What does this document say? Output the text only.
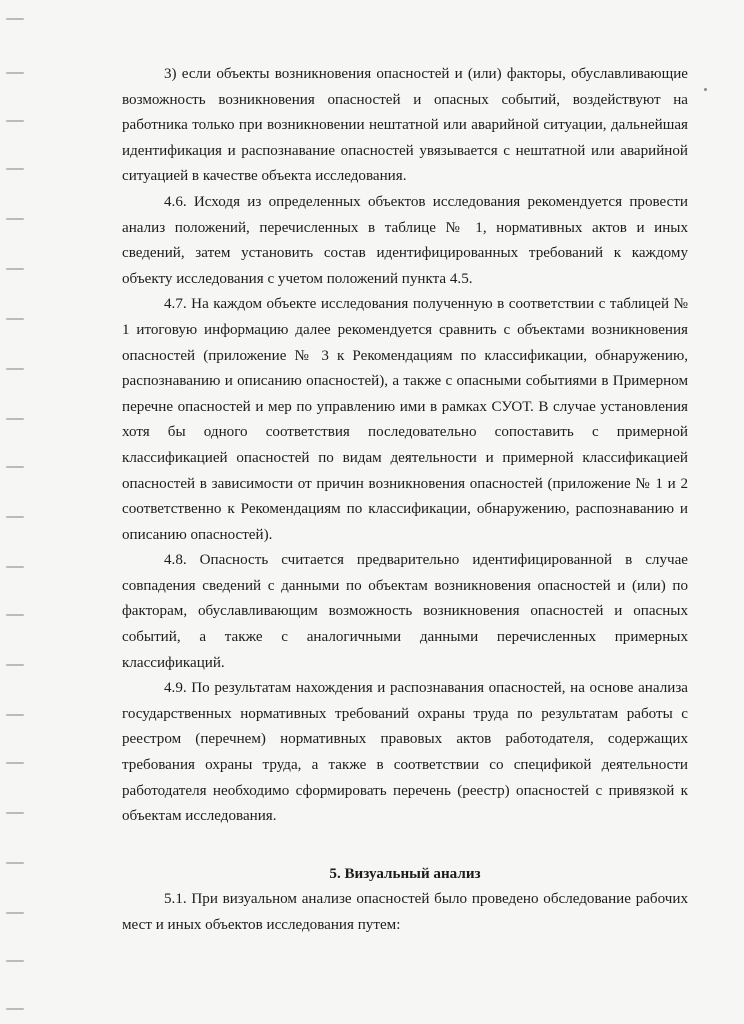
3) если объекты возникновения опасностей и (или) факторы, обуславливающие возможность возникновения опасностей и опасных событий, воздействуют на работника только при возникновении нештатной или аварийной ситуации, дальнейшая идентификация и распознавание опасностей увязывается с нештатной или аварийной ситуацией в качестве объекта исследования.

4.6. Исходя из определенных объектов исследования рекомендуется провести анализ положений, перечисленных в таблице № 1, нормативных актов и иных сведений, затем установить состав идентифицированных требований к каждому объекту исследования с учетом положений пункта 4.5.

4.7. На каждом объекте исследования полученную в соответствии с таблицей № 1 итоговую информацию далее рекомендуется сравнить с объектами возникновения опасностей (приложение № 3 к Рекомендациям по классификации, обнаружению, распознаванию и описанию опасностей), а также с опасными событиями в Примерном перечне опасностей и мер по управлению ими в рамках СУОТ. В случае установления хотя бы одного соответствия последовательно сопоставить с примерной классификацией опасностей по видам деятельности и примерной классификацией опасностей в зависимости от причин возникновения опасностей (приложение № 1 и 2 соответственно к Рекомендациям по классификации, обнаружению, распознаванию и описанию опасностей).

4.8. Опасность считается предварительно идентифицированной в случае совпадения сведений с данными по объектам возникновения опасностей и (или) по факторам, обуславливающим возможность возникновения опасностей и опасных событий, а также с аналогичными данными перечисленных примерных классификаций.

4.9. По результатам нахождения и распознавания опасностей, на основе анализа государственных нормативных требований охраны труда по результатам работы с реестром (перечнем) нормативных правовых актов работодателя, содержащих требования охраны труда, а также в соответствии со спецификой деятельности работодателя необходимо сформировать перечень (реестр) опасностей с привязкой к объектам исследования.

5. Визуальный анализ

5.1. При визуальном анализе опасностей было проведено обследование рабочих мест и иных объектов исследования путем:
